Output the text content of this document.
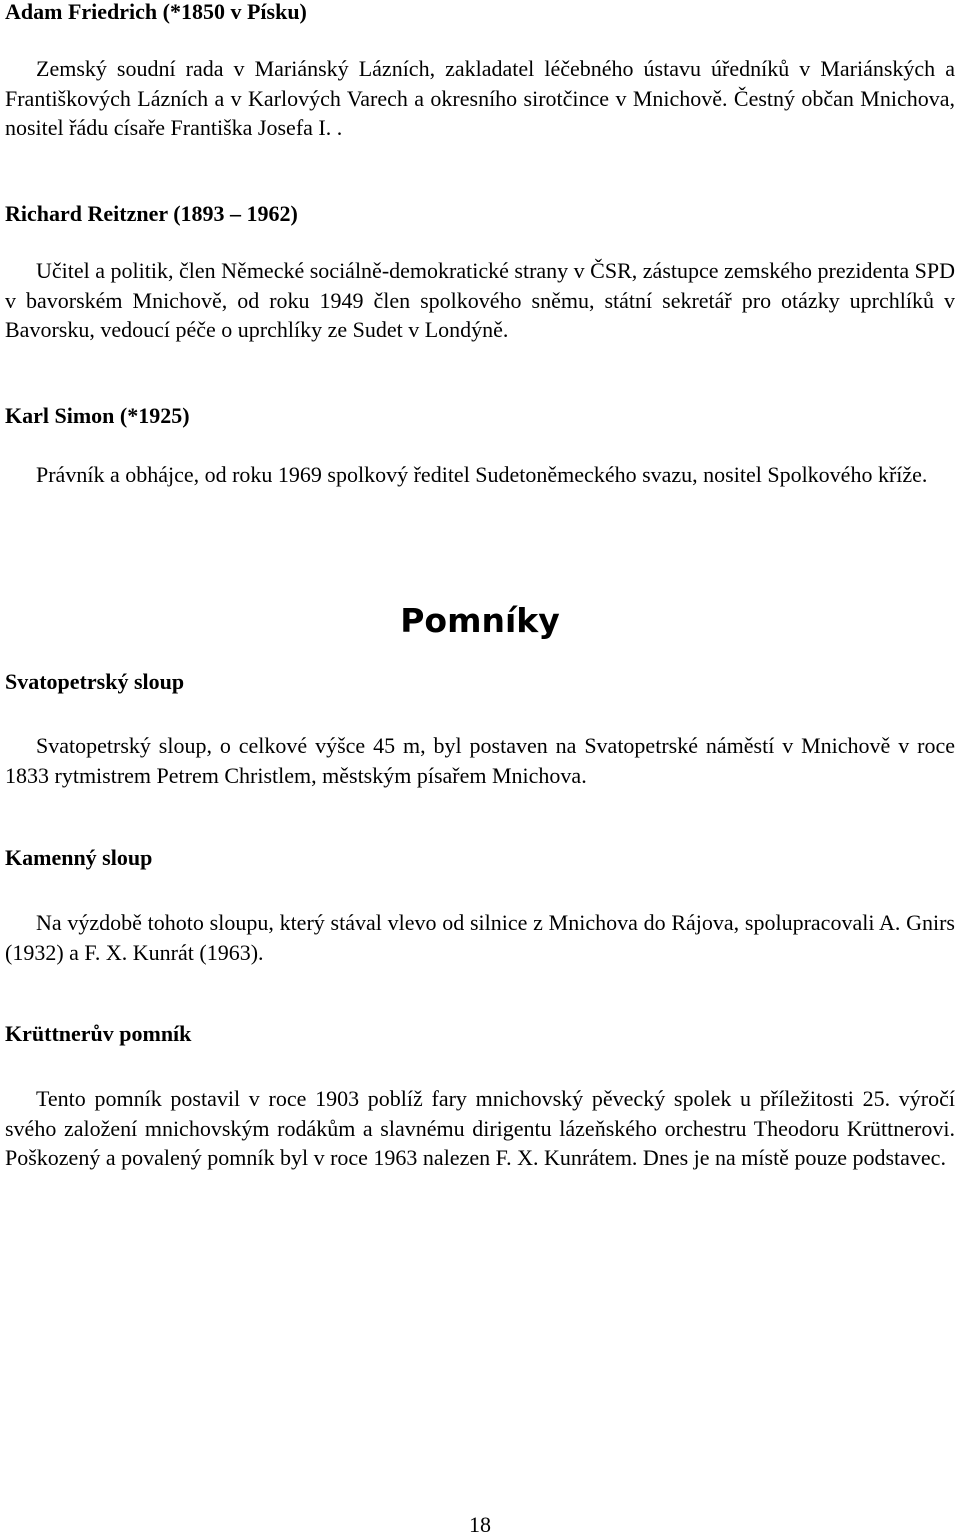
Adam Friedrich (*1850 v Písku)

Zemský soudní rada v Mariánský Lázních, zakladatel léčebného ústavu úředníků v Mariánských a Františkových Lázních a v Karlových Varech a okresního sirotčince v Mnichově. Čestný občan Mnichova, nositel řádu císaře Františka Josefa I. .

Richard Reitzner (1893 – 1962)

Učitel a politik, člen Německé sociálně-demokratické strany v ČSR, zástupce zemského prezidenta SPD v bavorském Mnichově, od roku 1949 člen spolkového sněmu, státní sekretář pro otázky uprchlíků v Bavorsku, vedoucí péče o uprchlíky ze Sudet v Londýně.

Karl Simon (*1925)

Právník a obhájce, od roku 1969 spolkový ředitel Sudetoněmeckého svazu, nositel Spolkového kříže.

Pomníky
Svatopetrský sloup

Svatopetrský sloup, o celkové výšce 45 m, byl postaven na Svatopetrské náměstí v Mnichově v roce 1833 rytmistrem Petrem Christlem, městským písařem Mnichova.

Kamenný sloup

Na výzdobě tohoto sloupu, který stával vlevo od silnice z Mnichova do Rájova, spolupracovali A. Gnirs (1932) a F. X. Kunrát (1963).

Krüttnerův pomník

Tento pomník postavil v roce 1903 poblíž fary mnichovský pěvecký spolek u příležitosti 25. výročí svého založení mnichovským rodákům a slavnému dirigentu lázeňského orchestru Theodoru Krüttnerovi. Poškozený a povalený pomník byl v roce 1963 nalezen F. X. Kunrátem. Dnes je na místě pouze podstavec.

18
